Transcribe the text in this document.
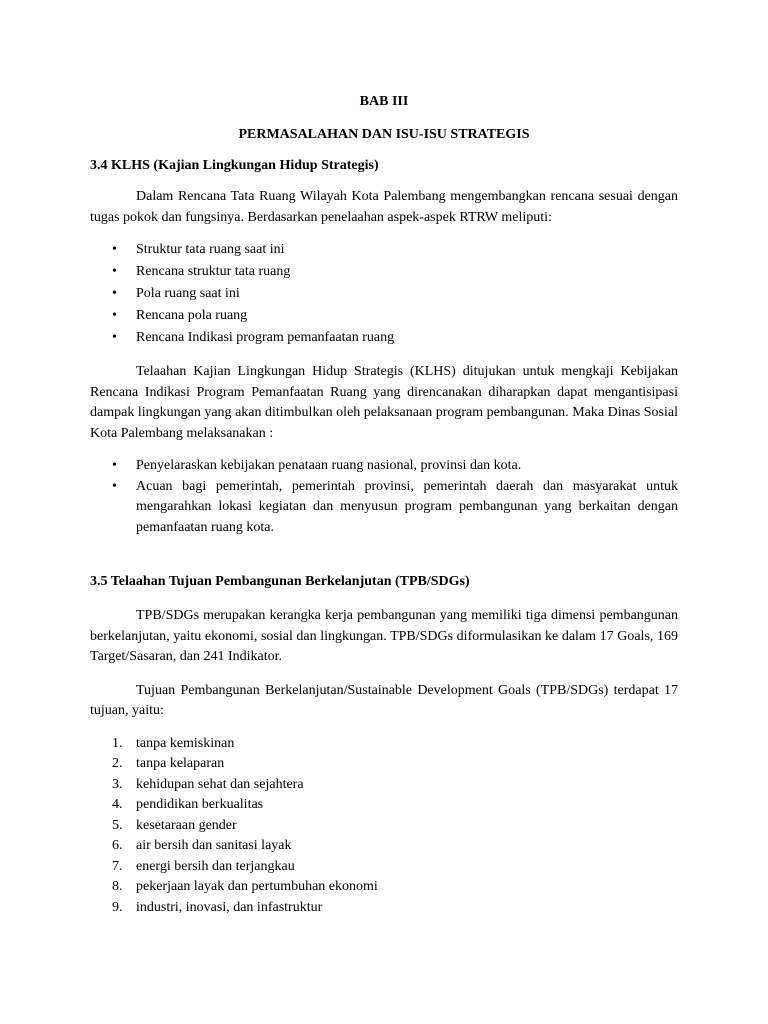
BAB III

PERMASALAHAN DAN ISU-ISU STRATEGIS

3.4 KLHS (Kajian Lingkungan Hidup Strategis)

Dalam Rencana Tata Ruang Wilayah Kota Palembang mengembangkan rencana sesuai dengan tugas pokok dan fungsinya. Berdasarkan penelaahan aspek-aspek RTRW meliputi:

• Struktur tata ruang saat ini
• Rencana struktur tata ruang
• Pola ruang saat ini
• Rencana pola ruang
• Rencana Indikasi program pemanfaatan ruang

Telaahan Kajian Lingkungan Hidup Strategis (KLHS) ditujukan untuk mengkaji Kebijakan Rencana Indikasi Program Pemanfaatan Ruang yang direncanakan diharapkan dapat mengantisipasi dampak lingkungan yang akan ditimbulkan oleh pelaksanaan program pembangunan. Maka Dinas Sosial Kota Palembang melaksanakan :

• Penyelaraskan kebijakan penataan ruang nasional, provinsi dan kota.
• Acuan bagi pemerintah, pemerintah provinsi, pemerintah daerah dan masyarakat untuk mengarahkan lokasi kegiatan dan menyusun program pembangunan yang berkaitan dengan pemanfaatan ruang kota.

3.5 Telaahan Tujuan Pembangunan Berkelanjutan (TPB/SDGs)

TPB/SDGs merupakan kerangka kerja pembangunan yang memiliki tiga dimensi pembangunan berkelanjutan, yaitu ekonomi, sosial dan lingkungan. TPB/SDGs diformulasikan ke dalam 17 Goals, 169 Target/Sasaran, dan 241 Indikator.

Tujuan Pembangunan Berkelanjutan/Sustainable Development Goals (TPB/SDGs) terdapat 17 tujuan, yaitu:

1. tanpa kemiskinan
2. tanpa kelaparan
3. kehidupan sehat dan sejahtera
4. pendidikan berkualitas
5. kesetaraan gender
6. air bersih dan sanitasi layak
7. energi bersih dan terjangkau
8. pekerjaan layak dan pertumbuhan ekonomi
9. industri, inovasi, dan infastruktur
